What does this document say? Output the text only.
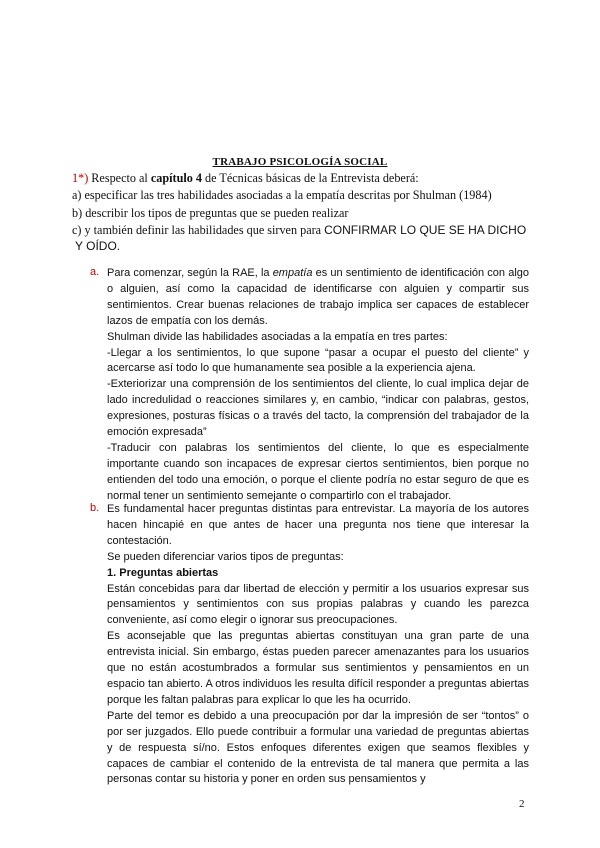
TRABAJO PSICOLOGÍA SOCIAL
1*) Respecto al capítulo 4 de Técnicas básicas de la Entrevista deberá:
a) especificar las tres habilidades asociadas a la empatía descritas por Shulman (1984)
b) describir los tipos de preguntas que se pueden realizar
c) y también definir las habilidades que sirven para CONFIRMAR LO QUE SE HA DICHO
Y OÍDO.
a. Para comenzar, según la RAE, la empatía es un sentimiento de identificación con algo o alguien, así como la capacidad de identificarse con alguien y compartir sus sentimientos. Crear buenas relaciones de trabajo implica ser capaces de establecer lazos de empatía con los demás.

Shulman divide las habilidades asociadas a la empatía en tres partes:

-Llegar a los sentimientos, lo que supone “pasar a ocupar el puesto del cliente” y acercarse así todo lo que humanamente sea posible a la experiencia ajena.

-Exteriorizar una comprensión de los sentimientos del cliente, lo cual implica dejar de lado incredulidad o reacciones similares y, en cambio, “indicar con palabras, gestos, expresiones, posturas físicas o a través del tacto, la comprensión del trabajador de la emoción expresada”

-Traducir con palabras los sentimientos del cliente, lo que es especialmente importante cuando son incapaces de expresar ciertos sentimientos, bien porque no entienden del todo una emoción, o porque el cliente podría no estar seguro de que es normal tener un sentimiento semejante o compartirlo con el trabajador.

b. Es fundamental hacer preguntas distintas para entrevistar. La mayoría de los autores hacen hincapié en que antes de hacer una pregunta nos tiene que interesar la contestación.

Se pueden diferenciar varios tipos de preguntas:

1. Preguntas abiertas

Están concebidas para dar libertad de elección y permitir a los usuarios expresar sus pensamientos y sentimientos con sus propias palabras y cuando les parezca conveniente, así como elegir o ignorar sus preocupaciones.

Es aconsejable que las preguntas abiertas constituyan una gran parte de una entrevista inicial. Sin embargo, éstas pueden parecer amenazantes para los usuarios que no están acostumbrados a formular sus sentimientos y pensamientos en un espacio tan abierto. A otros individuos les resulta difícil responder a preguntas abiertas porque les faltan palabras para explicar lo que les ha ocurrido.

Parte del temor es debido a una preocupación por dar la impresión de ser “tontos” o por ser juzgados. Ello puede contribuir a formular una variedad de preguntas abiertas y de respuesta sí/no. Estos enfoques diferentes exigen que seamos flexibles y capaces de cambiar el contenido de la entrevista de tal manera que permita a las personas contar su historia y poner en orden sus pensamientos y

2
